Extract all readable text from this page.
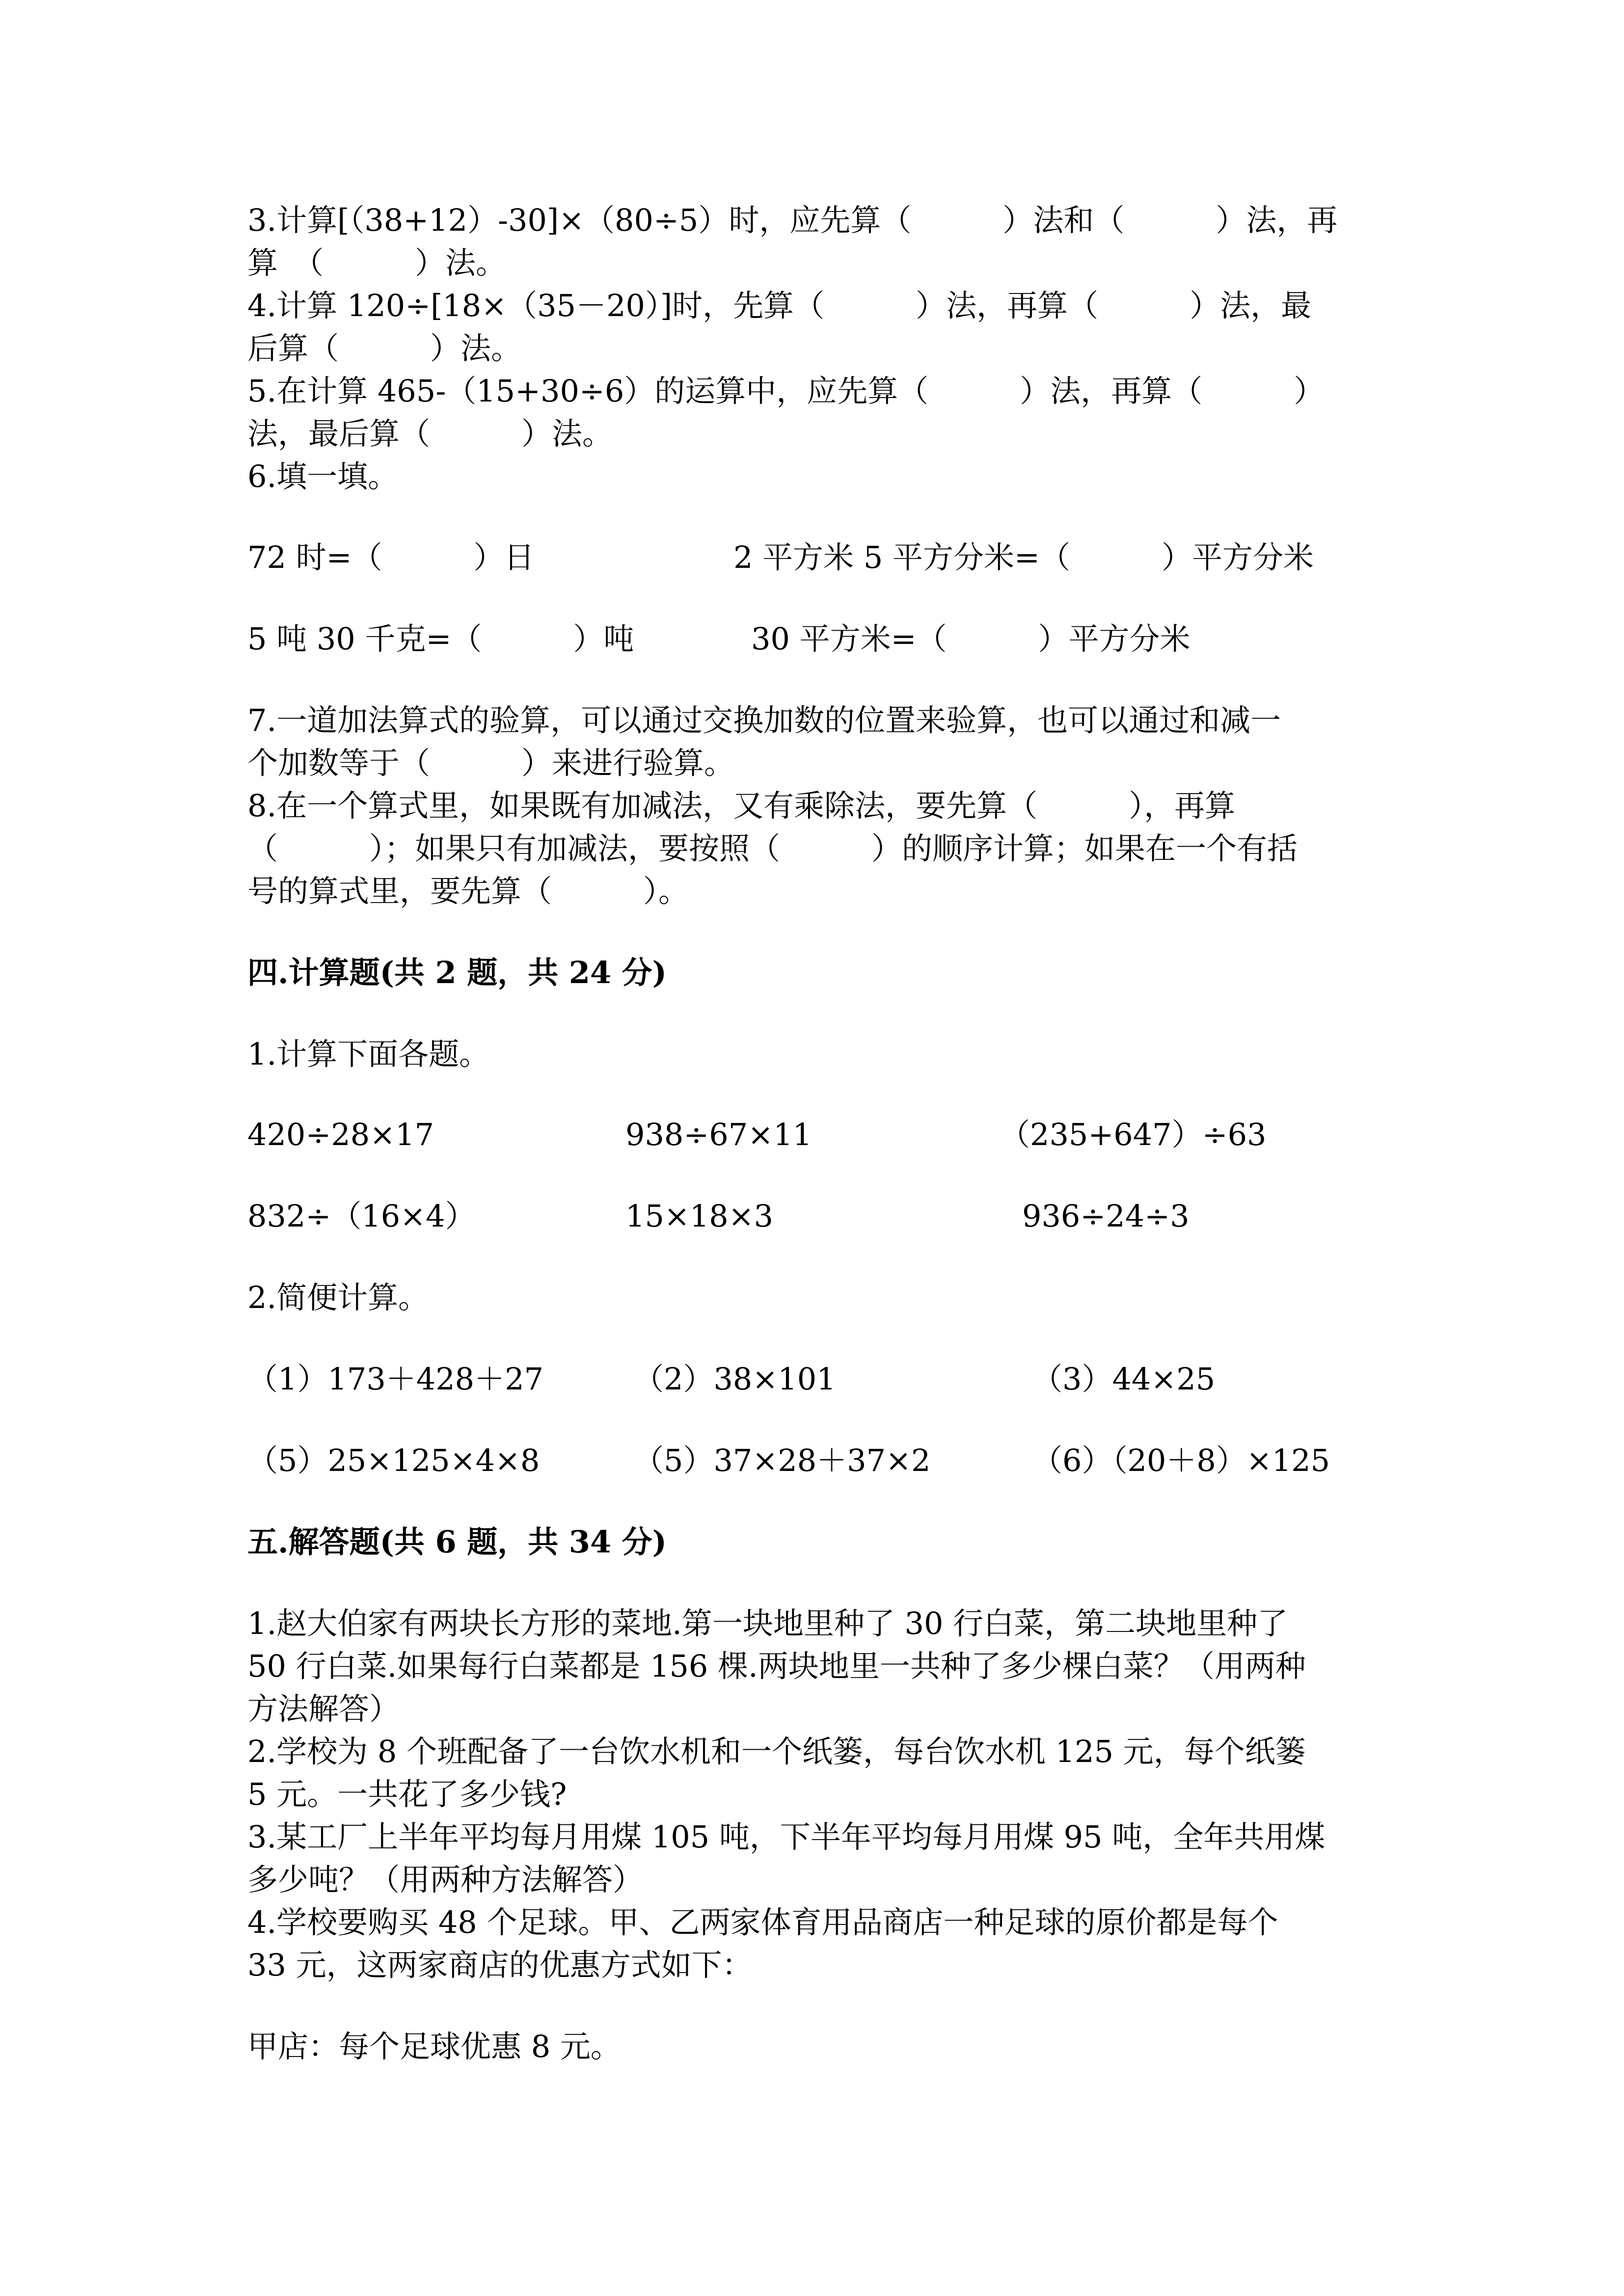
3.计算[（38+12）-30]×（80÷5）时，应先算（　　　）法和（　　　）法，再
算　（　　　）法。
4.计算 120÷[18×（35－20）]时，先算（　　　）法，再算（　　　）法，最
后算（　　　）法。
5.在计算 465-（15+30÷6）的运算中，应先算（　　　）法，再算（　　　）
法，最后算（　　　）法。
6.填一填。
72 时=（　　　）日	2 平方米 5 平方分米=（　　　）平方分米
5 吨 30 千克=（　　　）吨	30 平方米=（　　　）平方分米
7.一道加法算式的验算，可以通过交换加数的位置来验算，也可以通过和减一
个加数等于（　　　）来进行验算。
8.在一个算式里，如果既有加减法，又有乘除法，要先算（　　　），再算
（　　　）；如果只有加减法，要按照（　　　）的顺序计算；如果在一个有括
号的算式里，要先算（　　　）。
四.计算题(共 2 题，共 24 分)
1.计算下面各题。
420÷28×17	938÷67×11	（235+647）÷63
832÷（16×4）	15×18×3	936÷24÷3
2.简便计算。
（1）173＋428＋27	（2）38×101	（3）44×25
（5）25×125×4×8	（5）37×28＋37×2	（6）（20＋8）×125
五.解答题(共 6 题，共 34 分)
1.赵大伯家有两块长方形的菜地.第一块地里种了 30 行白菜，第二块地里种了
50 行白菜.如果每行白菜都是 156 棵.两块地里一共种了多少棵白菜？（用两种
方法解答）
2.学校为 8 个班配备了一台饮水机和一个纸篓，每台饮水机 125 元，每个纸篓
5 元。一共花了多少钱?
3.某工厂上半年平均每月用煤 105 吨，下半年平均每月用煤 95 吨，全年共用煤
多少吨？（用两种方法解答）
4.学校要购买 48 个足球。甲、乙两家体育用品商店一种足球的原价都是每个
33 元，这两家商店的优惠方式如下：
甲店：每个足球优惠 8 元。
